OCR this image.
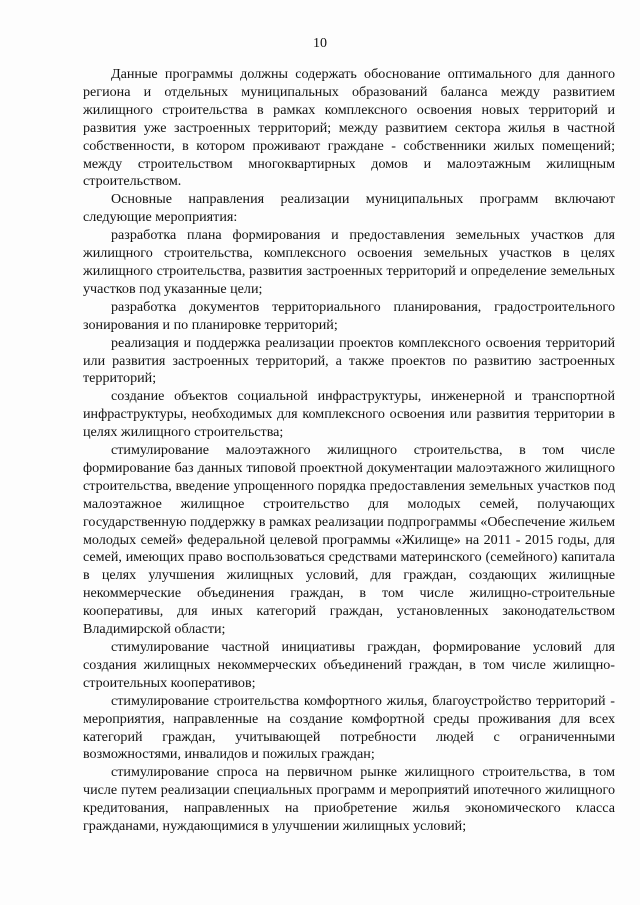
10

Данные программы должны содержать обоснование оптимального для данного региона и отдельных муниципальных образований баланса между развитием жилищного строительства в рамках комплексного освоения новых территорий и развития уже застроенных территорий; между развитием сектора жилья в частной собственности, в котором проживают граждане - собственники жилых помещений; между строительством многоквартирных домов и малоэтажным жилищным строительством.

Основные направления реализации муниципальных программ включают следующие мероприятия:

разработка плана формирования и предоставления земельных участков для жилищного строительства, комплексного освоения земельных участков в целях жилищного строительства, развития застроенных территорий и определение земельных участков под указанные цели;

разработка документов территориального планирования, градостроительного зонирования и по планировке территорий;

реализация и поддержка реализации проектов комплексного освоения территорий или развития застроенных территорий, а также проектов по развитию застроенных территорий;

создание объектов социальной инфраструктуры, инженерной и транспортной инфраструктуры, необходимых для комплексного освоения или развития территории в целях жилищного строительства;

стимулирование малоэтажного жилищного строительства, в том числе формирование баз данных типовой проектной документации малоэтажного жилищного строительства, введение упрощенного порядка предоставления земельных участков под малоэтажное жилищное строительство для молодых семей, получающих государственную поддержку в рамках реализации подпрограммы «Обеспечение жильем молодых семей» федеральной целевой программы «Жилище» на 2011 - 2015 годы, для семей, имеющих право воспользоваться средствами материнского (семейного) капитала в целях улучшения жилищных условий, для граждан, создающих жилищные некоммерческие объединения граждан, в том числе жилищно-строительные кооперативы, для иных категорий граждан, установленных законодательством Владимирской области;

стимулирование частной инициативы граждан, формирование условий для создания жилищных некоммерческих объединений граждан, в том числе жилищно-строительных кооперативов;

стимулирование строительства комфортного жилья, благоустройство территорий - мероприятия, направленные на создание комфортной среды проживания для всех категорий граждан, учитывающей потребности людей с ограниченными возможностями, инвалидов и пожилых граждан;

стимулирование спроса на первичном рынке жилищного строительства, в том числе путем реализации специальных программ и мероприятий ипотечного жилищного кредитования, направленных на приобретение жилья экономического класса гражданами, нуждающимися в улучшении жилищных условий;
